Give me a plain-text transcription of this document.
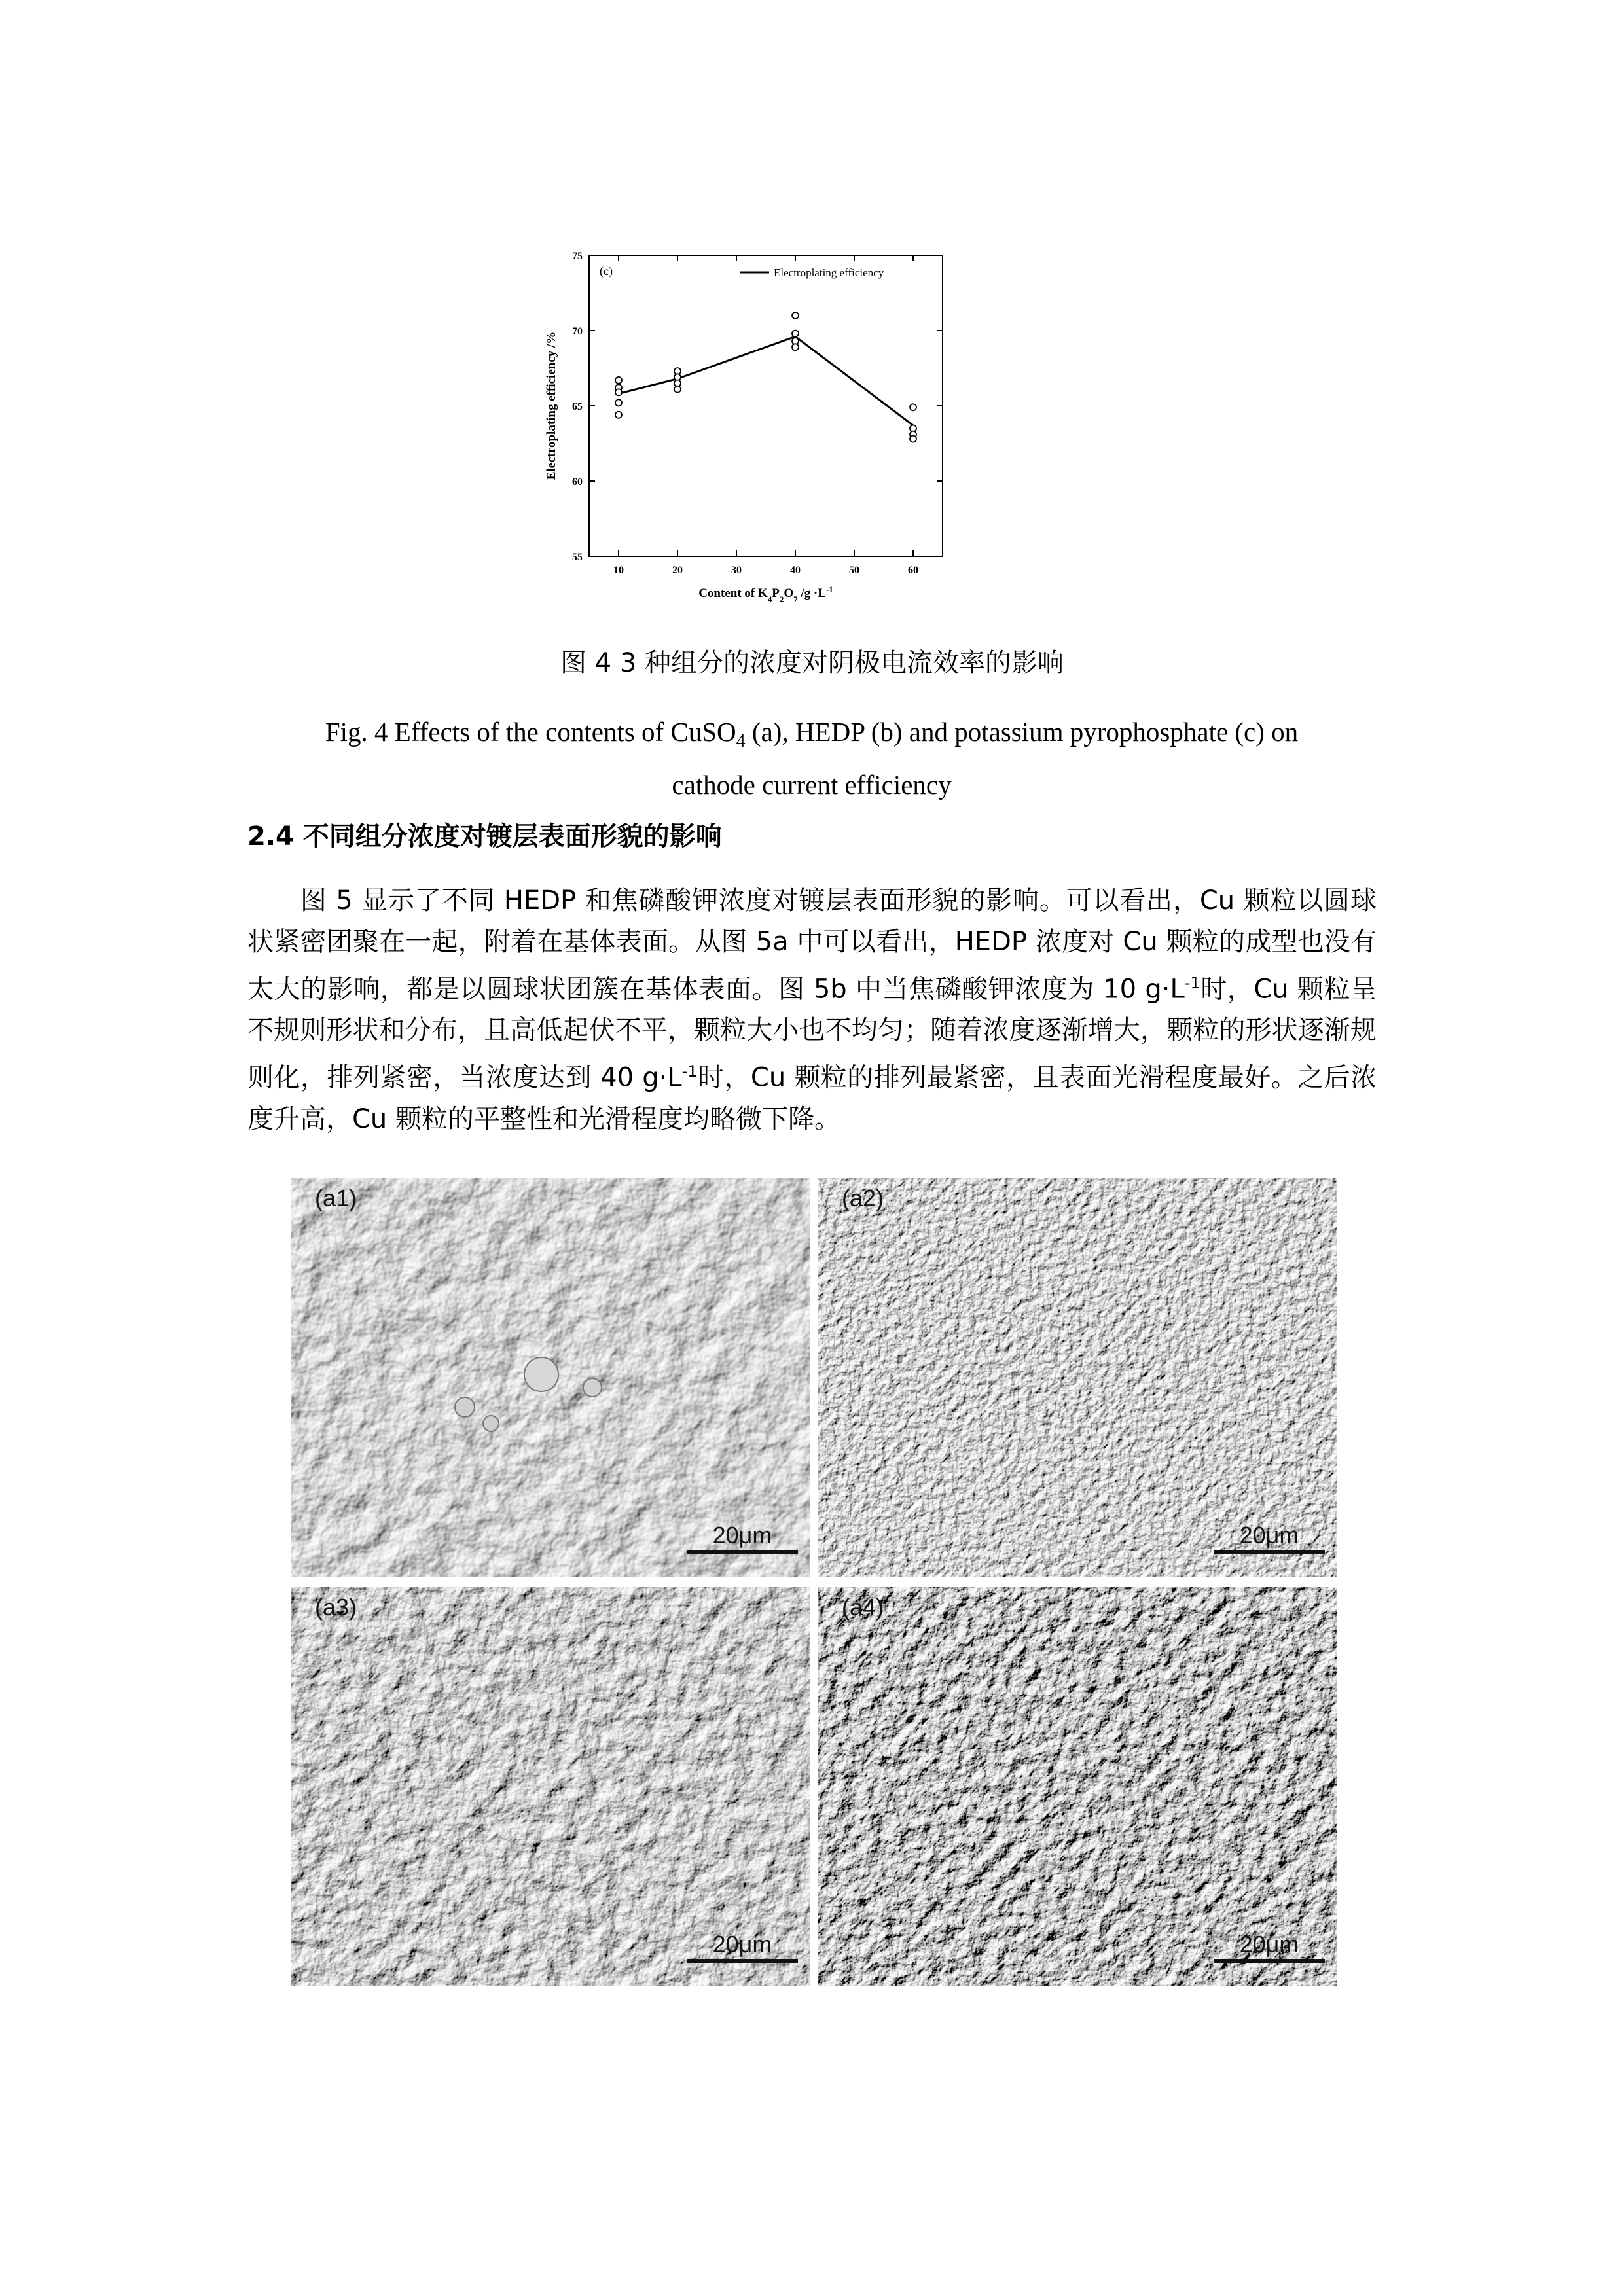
55
60
65
70
75
10	20	30	40	50	60
(c)	Electroplating efficiency
Electroplating efficiency /%
Content of $K_4P_2O_7$ $/g \cdot L^{-1}$
图 4 3 种组分的浓度对阴极电流效率的影响
Fig. 4 Effects of the contents of CuSO$_4$ (a), HEDP (b) and potassium pyrophosphate (c) on
cathode current efficiency
2.4 不同组分浓度对镀层表面形貌的影响
图 5 显示了不同 HEDP 和焦磷酸钾浓度对镀层表面形貌的影响。可以看出，Cu 颗粒以圆球状紧密团聚在一起，附着在基体表面。从图 5a 中可以看出，HEDP 浓度对 Cu 颗粒的成型也没有太大的影响，都是以圆球状团簇在基体表面。图 5b 中当焦磷酸钾浓度为 10 $g\cdot L^{-1}$时，Cu 颗粒呈不规则形状和分布，且高低起伏不平，颗粒大小也不均匀；随着浓度逐渐增大，颗粒的形状逐渐规则化，排列紧密，当浓度达到 40 $g\cdot L^{-1}$时，Cu 颗粒的排列最紧密，且表面光滑程度最好。之后浓度升高，Cu 颗粒的平整性和光滑程度均略微下降。
(a1)
20μm
(a2)
20μm
(a3)
20μm
(a4)
20μm
